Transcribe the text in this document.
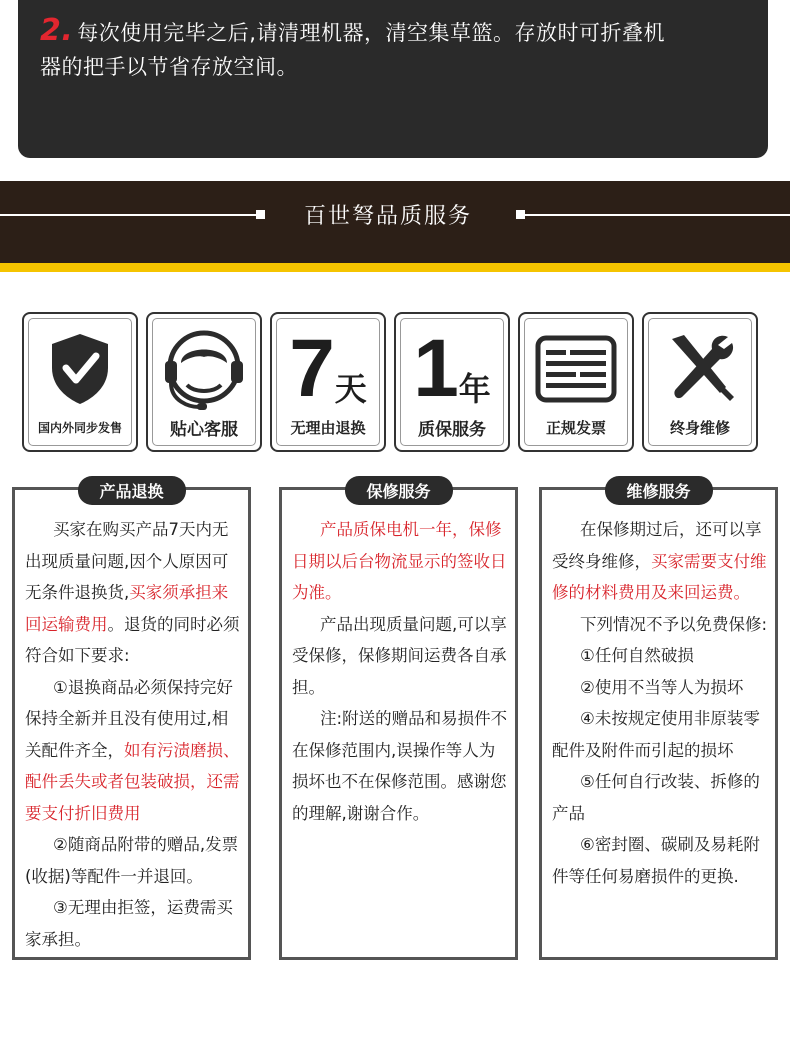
2. 每次使用完毕之后,请清理机器，清空集草篮。存放时可折叠机
器的把手以节省存放空间。

百世弩品质服务
国内外同步发售	贴心客服
7 天
无理由退换
1 年
质保服务	正规发票	终身维修
产品退换

买家在购买产品7天内无出现质量问题,因个人原因可无条件退换货,买家须承担来回运输费用。退货的同时必须符合如下要求:

①退换商品必须保持完好保持全新并且没有使用过,相关配件齐全，如有污渍磨损、配件丢失或者包装破损，还需要支付折旧费用

②随商品附带的赠品,发票(收据)等配件一并退回。

③无理由拒签，运费需买家承担。

保修服务

产品质保电机一年，保修日期以后台物流显示的签收日为准。

产品出现质量问题,可以享受保修，保修期间运费各自承担。

注:附送的赠品和易损件不在保修范围内,误操作等人为损坏也不在保修范围。感谢您的理解,谢谢合作。

维修服务

在保修期过后，还可以享受终身维修，买家需要支付维修的材料费用及来回运费。

下列情况不予以免费保修:

①任何自然破损

②使用不当等人为损坏

④未按规定使用非原装零配件及附件而引起的损坏

⑤任何自行改装、拆修的产品

⑥密封圈、碳刷及易耗附件等任何易磨损件的更换.
